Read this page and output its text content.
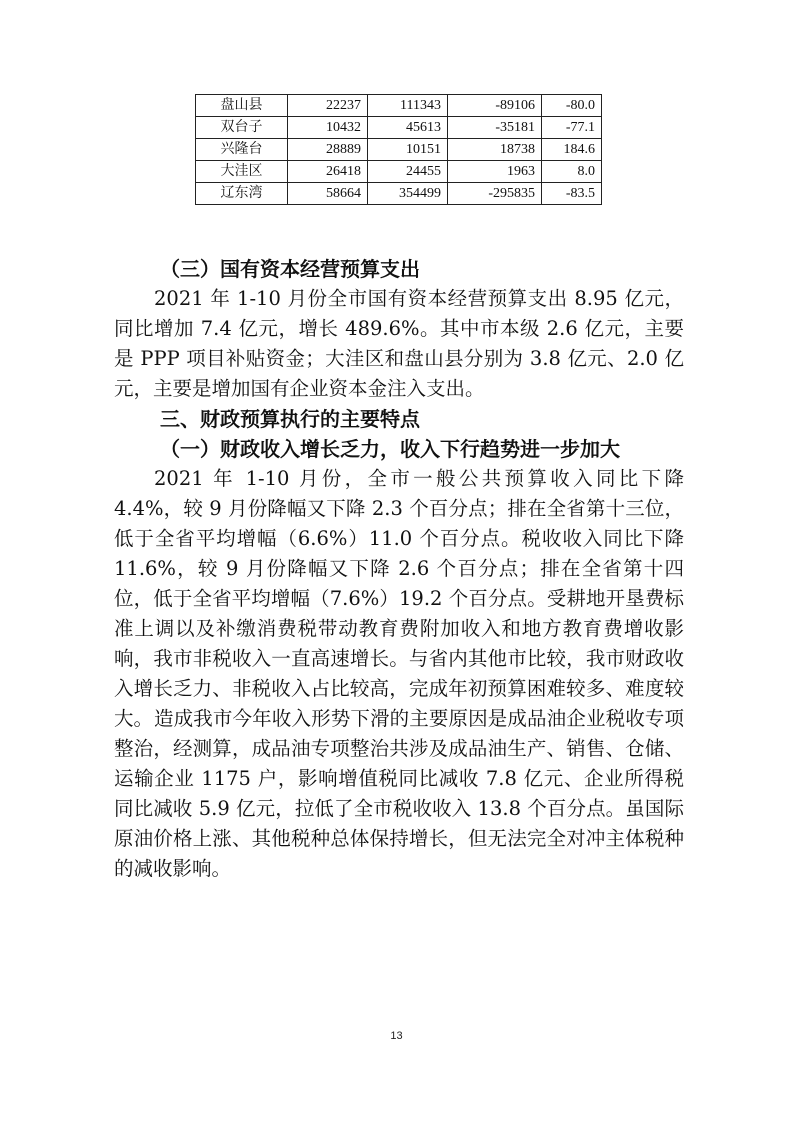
盘山县	22237	111343	-89106	-80.0
双台子	10432	45613	-35181	-77.1
兴隆台	28889	10151	18738	184.6
大洼区	26418	24455	1963	8.0
辽东湾	58664	354499	-295835	-83.5
（三）国有资本经营预算支出

2021 年 1-10 月份全市国有资本经营预算支出 8.95 亿元，同比增加 7.4 亿元，增长 489.6%。其中市本级 2.6 亿元，主要是 PPP 项目补贴资金；大洼区和盘山县分别为 3.8 亿元、2.0 亿元，主要是增加国有企业资本金注入支出。

三、财政预算执行的主要特点
（一）财政收入增长乏力，收入下行趋势进一步加大

2021 年 1-10 月份，全市一般公共预算收入同比下降 4.4%，较 9 月份降幅又下降 2.3 个百分点；排在全省第十三位，低于全省平均增幅（6.6%）11.0 个百分点。税收收入同比下降 11.6%，较 9 月份降幅又下降 2.6 个百分点；排在全省第十四位，低于全省平均增幅（7.6%）19.2 个百分点。受耕地开垦费标准上调以及补缴消费税带动教育费附加收入和地方教育费增收影响，我市非税收入一直高速增长。与省内其他市比较，我市财政收入增长乏力、非税收入占比较高，完成年初预算困难较多、难度较大。 造成我市今年收入形势下滑的主要原因是成品油企业税收专项整治，经测算，成品油专项整治共涉及成品油生产、销售、仓储、运输企业 1175 户，影响增值税同比减收 7.8 亿元、企业所得税同比减收 5.9 亿元，拉低了全市税收收入 13.8 个百分点。虽国际原油价格上涨、其他税种总体保持增长，但无法完全对冲主体税种的减收影响。

13
